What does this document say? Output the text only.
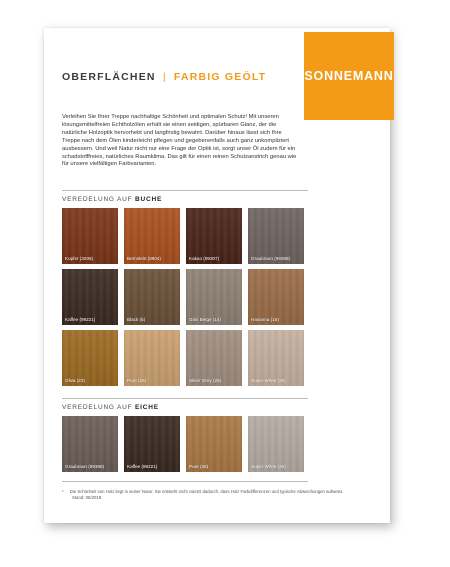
SONNEMANN
OBERFLÄCHEN | FARBIG GEÖLT
Verleihen Sie Ihrer Treppe nachhaltige Schönheit und optimalen Schutz! Mit unseren lösungsmittelfreien Echtholzölen erhält sie einen seidigen, spürbaren Glanz, der die natürliche Holzoptik hervorhebt und langfristig bewahrt. Darüber hinaus lässt sich Ihre Treppe nach dem Ölen kinderleicht pflegen und gegebenenfalls auch ganz unkompliziert ausbessern. Und weil Natur nicht nur eine Frage der Optik ist, sorgt unser Öl zudem für ein schadstofffreies, natürliches Raumklima. Das gilt für einen reinen Schutzanstrich genau wie für unsere vielfältigen Farbvarianten.
VEREDELUNG AUF BUCHE
Kupfer (3206)	Bernstein (8904)	Kakao (99307)	Graubraun (99388)
Kaffee (99221)	Black (5)	Griis Beige (14)	Havanna (15)
Oliva (23)	Pure (26)	Silver Grey (28)	Super White (35)
VEREDELUNG AUF EICHE
Graubraun (99388)	Kaffee (99221)	Pure (26)	Super White (35)
* Die Schönheit von Holz liegt in seiner Natur. Sie entsteht nicht zuletzt dadurch, dass Holz Farbdifferenzen und typische Abweichungen aufweist.
Stand: 05/2018
